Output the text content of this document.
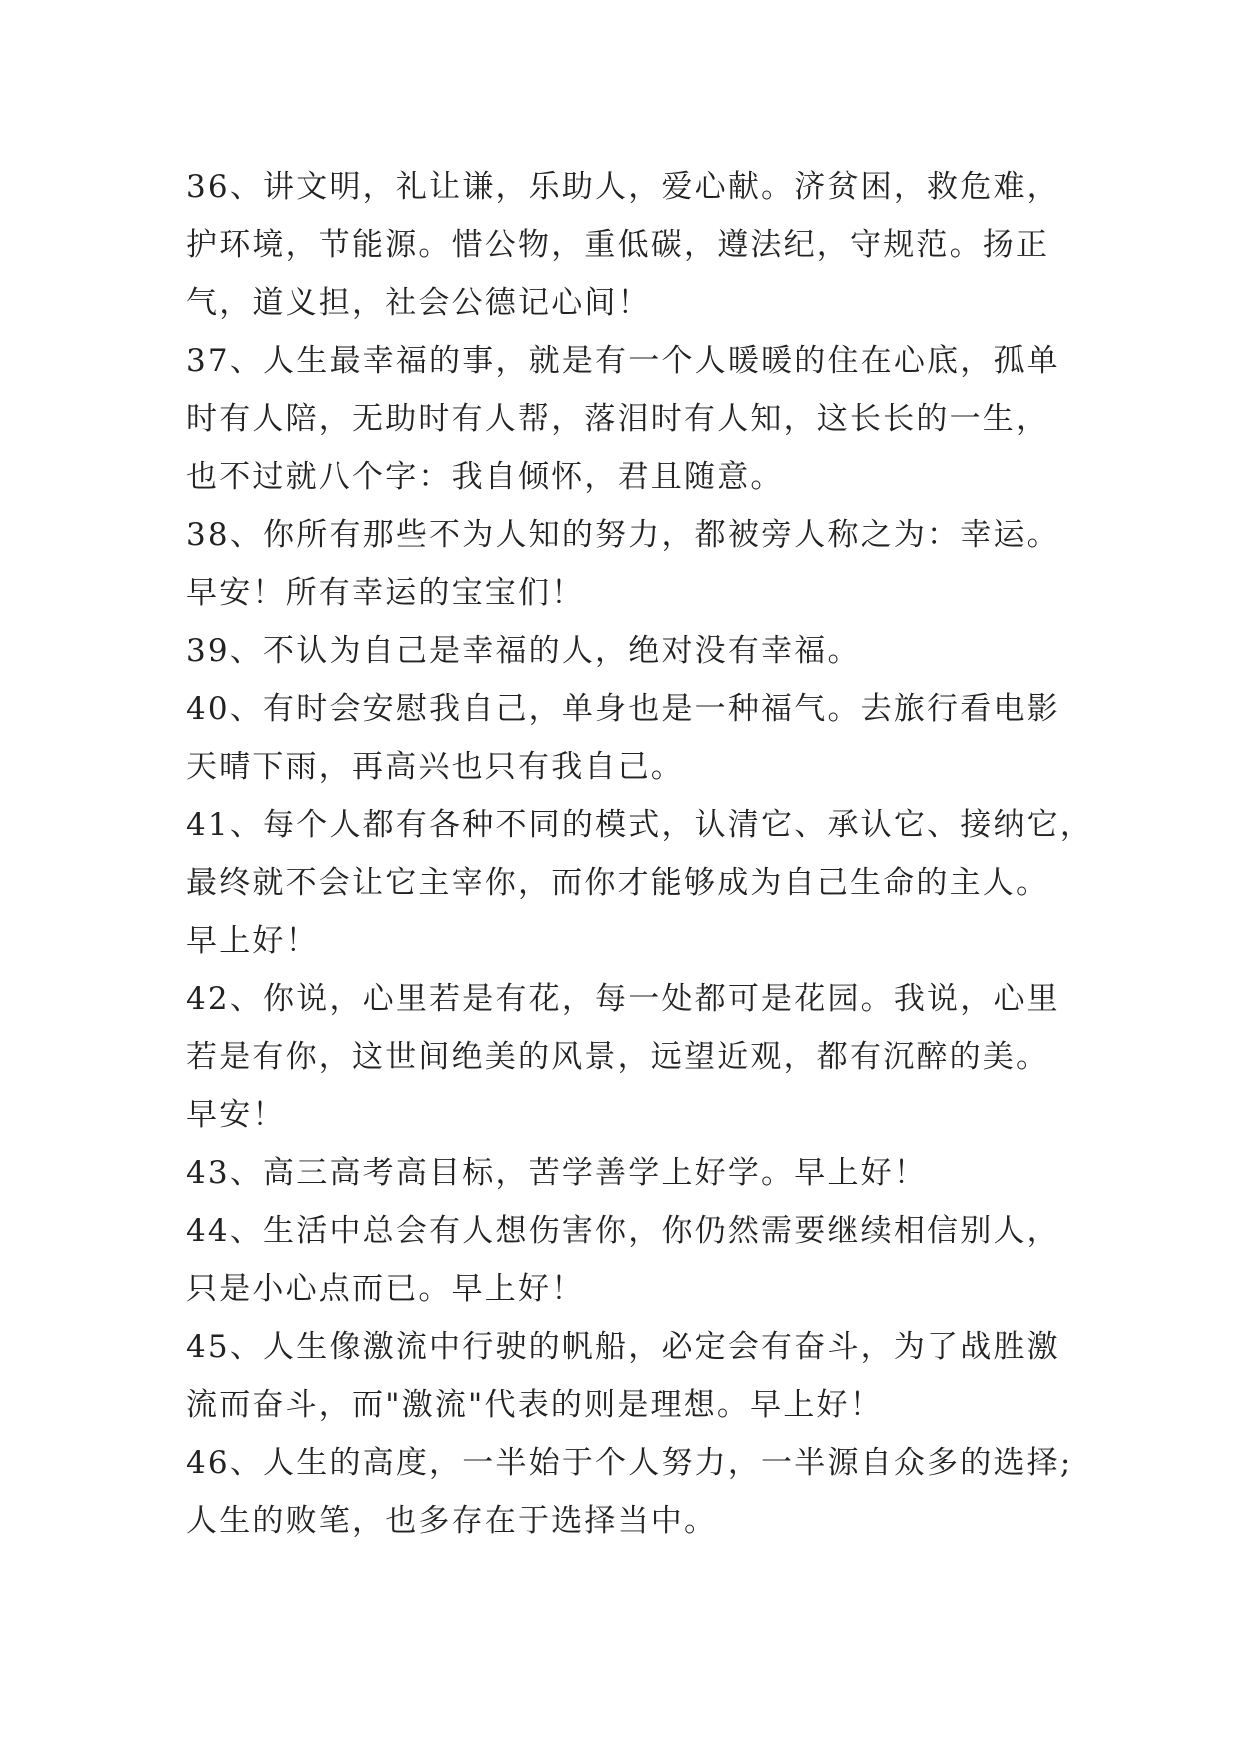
36、讲文明，礼让谦，乐助人，爱心献。济贫困，救危难，
护环境，节能源。惜公物，重低碳，遵法纪，守规范。扬正
气，道义担，社会公德记心间！
37、人生最幸福的事，就是有一个人暖暖的住在心底，孤单
时有人陪，无助时有人帮，落泪时有人知，这长长的一生，
也不过就八个字：我自倾怀，君且随意。
38、你所有那些不为人知的努力，都被旁人称之为：幸运。
早安！所有幸运的宝宝们！
39、不认为自己是幸福的人，绝对没有幸福。
40、有时会安慰我自己，单身也是一种福气。去旅行看电影
天晴下雨，再高兴也只有我自己。
41、每个人都有各种不同的模式，认清它、承认它、接纳它，
最终就不会让它主宰你，而你才能够成为自己生命的主人。
早上好！
42、你说，心里若是有花，每一处都可是花园。我说，心里
若是有你，这世间绝美的风景，远望近观，都有沉醉的美。
早安！
43、高三高考高目标，苦学善学上好学。早上好！
44、生活中总会有人想伤害你，你仍然需要继续相信别人，
只是小心点而已。早上好！
45、人生像激流中行驶的帆船，必定会有奋斗，为了战胜激
流而奋斗，而"激流"代表的则是理想。早上好！
46、人生的高度，一半始于个人努力，一半源自众多的选择;
人生的败笔，也多存在于选择当中。
